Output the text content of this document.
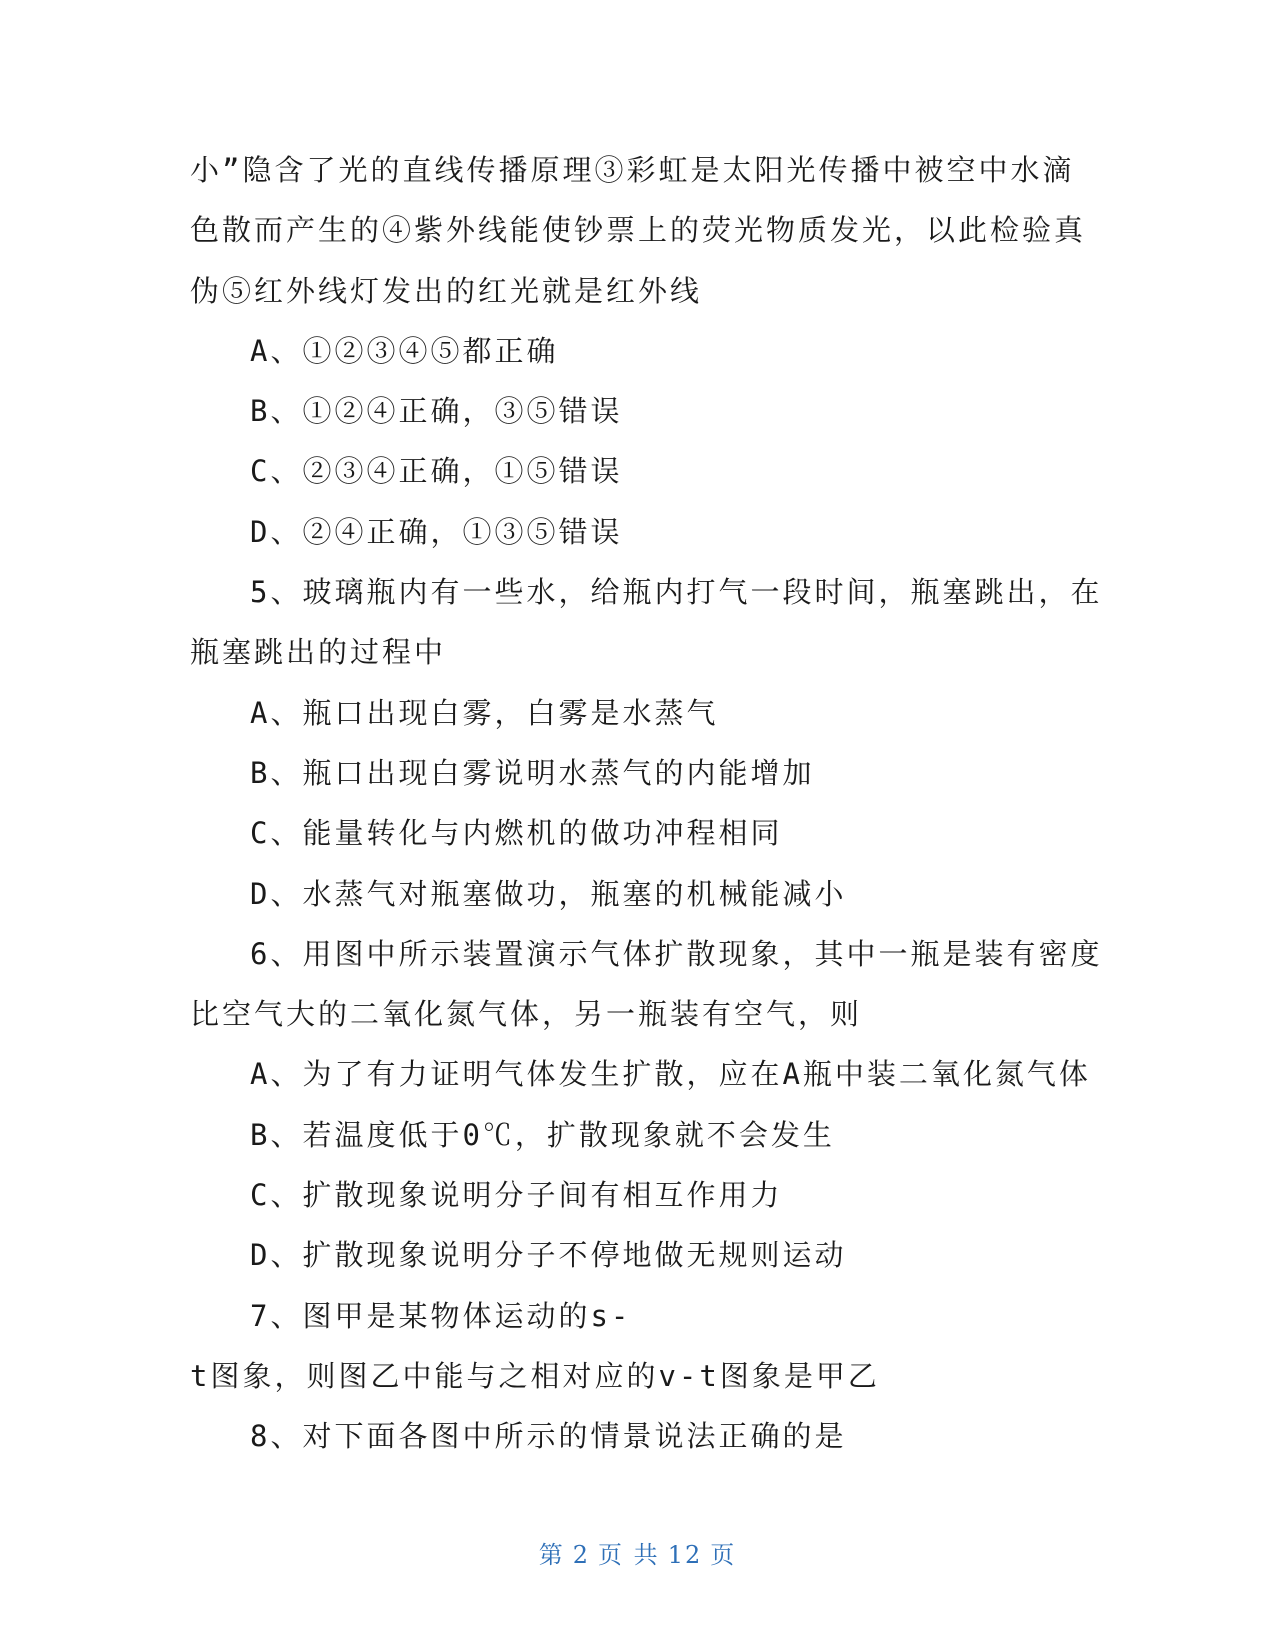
小”隐含了光的直线传播原理③彩虹是太阳光传播中被空中水滴
色散而产生的④紫外线能使钞票上的荧光物质发光，以此检验真
伪⑤红外线灯发出的红光就是红外线
A、①②③④⑤都正确
B、①②④正确，③⑤错误
C、②③④正确，①⑤错误
D、②④正确，①③⑤错误
5、玻璃瓶内有一些水，给瓶内打气一段时间，瓶塞跳出，在
瓶塞跳出的过程中
A、瓶口出现白雾，白雾是水蒸气
B、瓶口出现白雾说明水蒸气的内能增加
C、能量转化与内燃机的做功冲程相同
D、水蒸气对瓶塞做功，瓶塞的机械能减小
6、用图中所示装置演示气体扩散现象，其中一瓶是装有密度
比空气大的二氧化氮气体，另一瓶装有空气，则
A、为了有力证明气体发生扩散，应在A瓶中装二氧化氮气体
B、若温度低于0℃，扩散现象就不会发生
C、扩散现象说明分子间有相互作用力
D、扩散现象说明分子不停地做无规则运动
7、图甲是某物体运动的s-
t图象，则图乙中能与之相对应的v-t图象是甲乙
8、对下面各图中所示的情景说法正确的是
第 2 页 共 12 页
